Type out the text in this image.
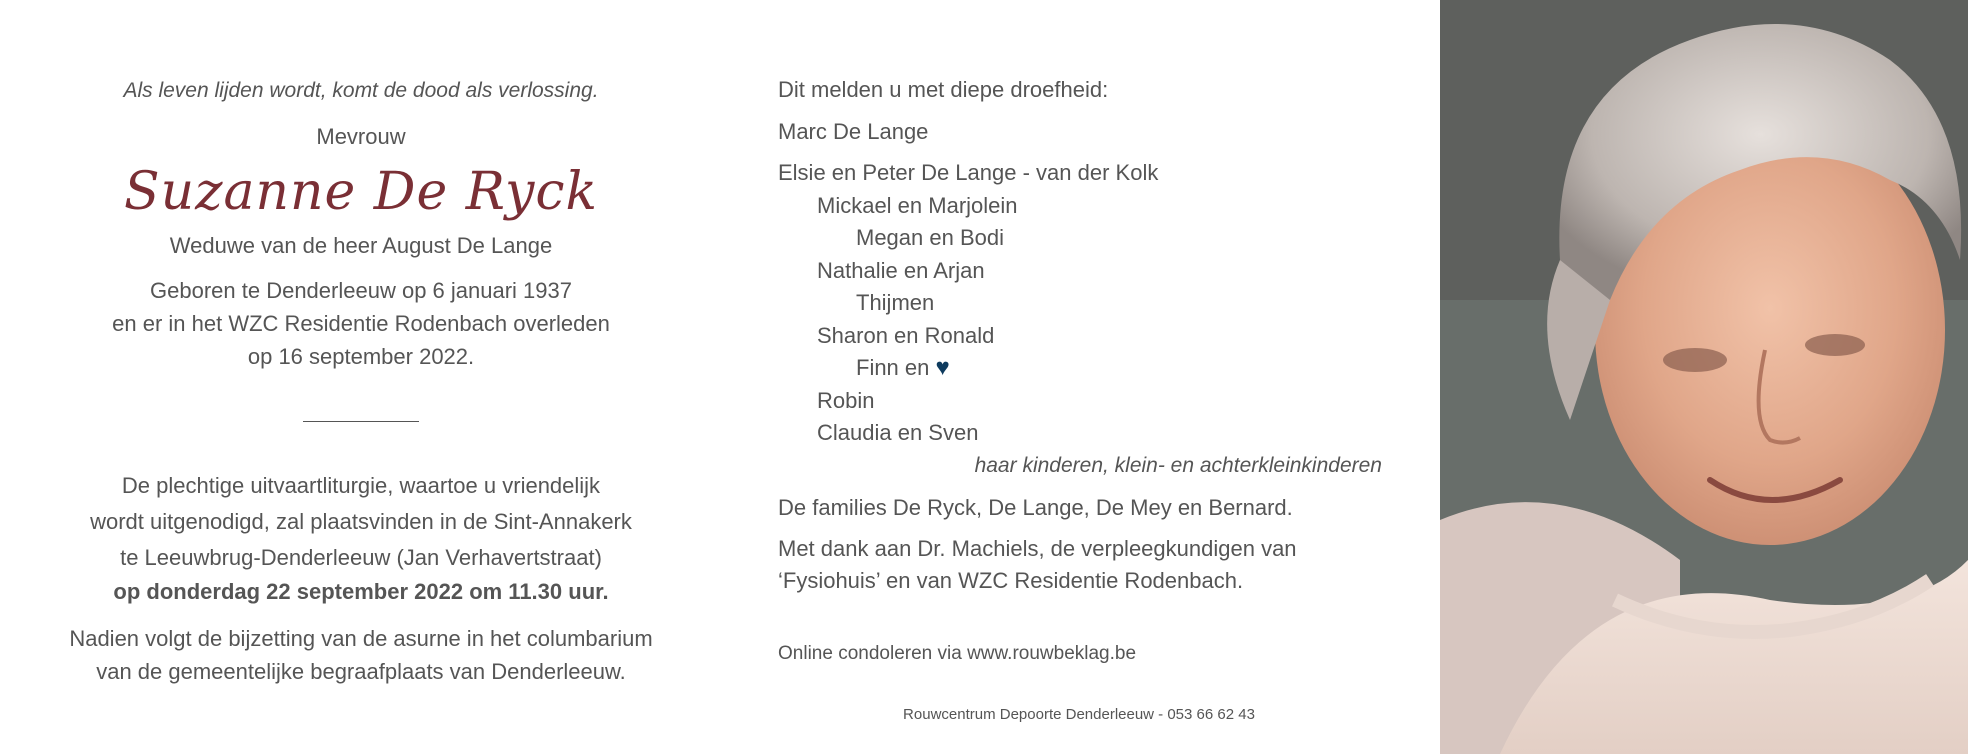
Als leven lijden wordt, komt de dood als verlossing.

Mevrouw

Suzanne De Ryck

Weduwe van de heer August De Lange

Geboren te Denderleeuw op 6 januari 1937

en er in het WZC Residentie Rodenbach overleden

op 16 september 2022.

De plechtige uitvaartliturgie, waartoe u vriendelijk

wordt uitgenodigd, zal plaatsvinden in de Sint-Annakerk

te Leeuwbrug-Denderleeuw (Jan Verhavertstraat)

op donderdag 22 september 2022 om 11.30 uur.

Nadien volgt de bijzetting van de asurne in het columbarium

van de gemeentelijke begraafplaats van Denderleeuw.

Dit melden u met diepe droefheid:

Marc De Lange

Elsie en Peter De Lange - van der Kolk

Mickael en Marjolein

Megan en Bodi

Nathalie en Arjan

Thijmen

Sharon en Ronald

Finn en ♥

Robin

Claudia en Sven

haar kinderen, klein- en achterkleinkinderen

De families De Ryck, De Lange, De Mey en Bernard.

Met dank aan Dr. Machiels, de verpleegkundigen van

‘Fysiohuis’ en van WZC Residentie Rodenbach.

Online condoleren via www.rouwbeklag.be

Rouwcentrum Depoorte Denderleeuw - 053 66 62 43
